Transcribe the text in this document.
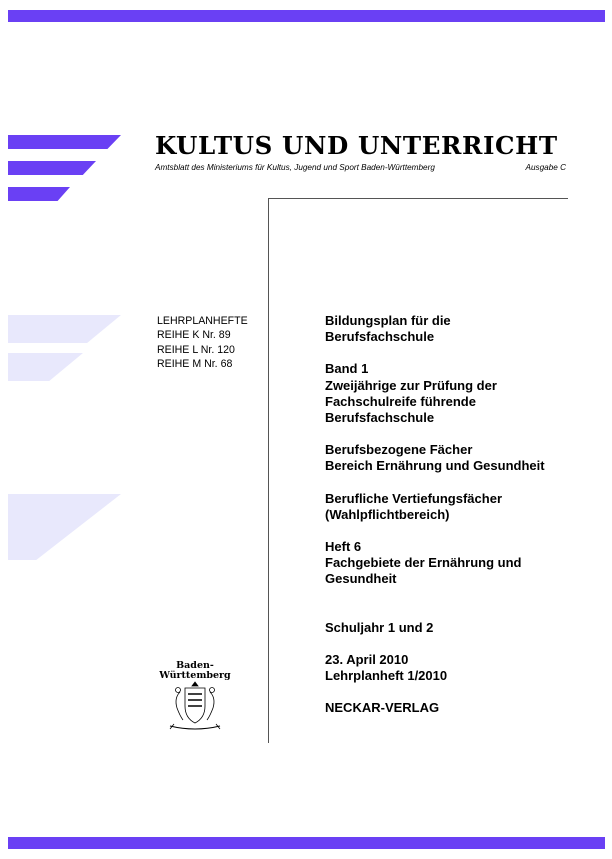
KULTUS UND UNTERRICHT
Amtsblatt des Ministeriums für Kultus, Jugend und Sport Baden-Württemberg	Ausgabe C
LEHRPLANHEFTE
REIHE K Nr. 89
REIHE L Nr. 120
REIHE M Nr. 68
Bildungsplan für die
Berufsfachschule
Band 1
Zweijährige zur Prüfung der
Fachschulreife führende
Berufsfachschule
Berufsbezogene Fächer
Bereich Ernährung und Gesundheit
Berufliche Vertiefungsfächer
(Wahlpflichtbereich)
Heft 6
Fachgebiete der Ernährung und
Gesundheit
Schuljahr 1 und 2
23. April 2010
Lehrplanheft 1/2010
NECKAR-VERLAG
Baden-
Württemberg
